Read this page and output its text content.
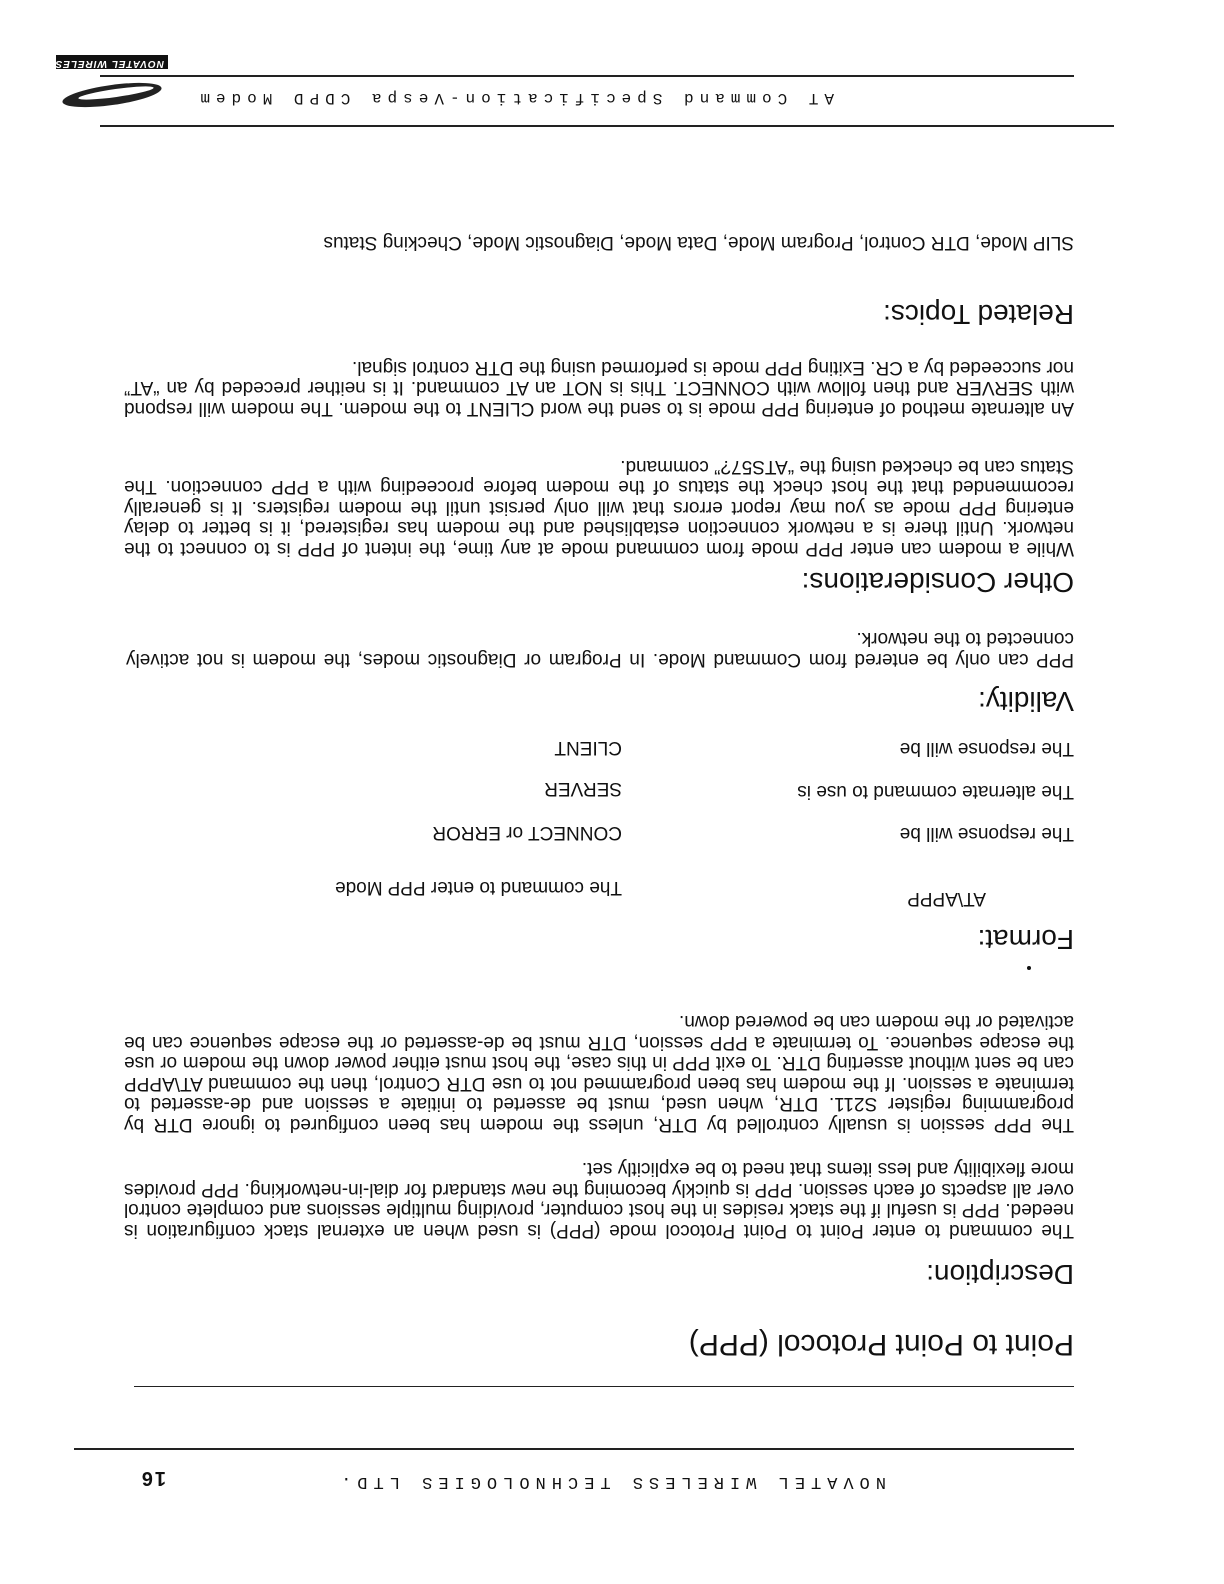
16	NOVATEL WIRELESS TECHNOLOGIES LTD.
Point to Point Protocol (PPP)
Description:
The command to enter Point to Point Protocol mode (PPP) is used when an external stack configuration is needed. PPP is useful if the stack resides in the host computer, providing multiple sessions and complete control over all aspects of each session. PPP is quickly becoming the new standard for dial-in-networking. PPP provides more flexibility and less items that need to be explicitly set.
The PPP session is usually controlled by DTR, unless the modem has been configured to ignore DTR by programming register S211. DTR, when used, must be asserted to initiate a session and de-asserted to terminate a session. If the modem has been programmed not to use DTR Control, then the command AT\APPP can be sent without asserting DTR. To exit PPP in this case, the host must either power down the modem or use the escape sequence. To terminate a PPP session, DTR must be de-asserted or the escape sequence can be activated or the modem can be powered down.
Format:
AT\APPP
The command to enter PPP Mode
The response will be
CONNECT or ERROR
The alternate command to use is
SERVER
The response will be
CLIENT
Validity:
PPP can only be entered from Command Mode. In Program or Diagnostic modes, the modem is not actively connected to the network.
Other Considerations:
While a modem can enter PPP mode from command mode at any time, the intent of PPP is to connect to the network. Until there is a network connection established and the modem has registered, it is better to delay entering PPP mode as you may report errors that will only persist until the modem registers. It is generally recommended that the host check the status of the modem before proceeding with a PPP connection. The Status can be checked using the “ATS57?” command.
An alternate method of entering PPP mode is to send the word CLIENT to the modem. The modem will respond with SERVER and then follow with CONNECT. This is NOT an AT command. It is neither preceded by an “AT” nor succeeded by a CR. Exiting PPP mode is performed using the DTR control signal.
Related Topics:
SLIP Mode, DTR Control, Program Mode, Data Mode, Diagnostic Mode, Checking Status
AT Command Specification-Vespa CDPD Modem
NOVATEL WIRELESS
